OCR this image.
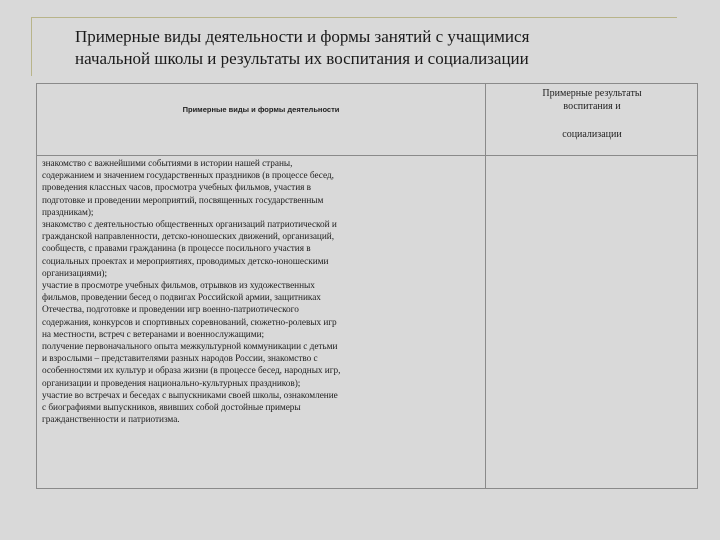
Примерные виды деятельности и формы занятий с учащимися
начальной школы и результаты их воспитания и социализации
Примерные виды и формы деятельности
Примерные результаты
воспитания и
социализации
знакомство с важнейшими событиями в истории нашей страны,
содержанием и значением государственных праздников (в процессе бесед,
проведения классных часов, просмотра учебных фильмов, участия в
подготовке и проведении мероприятий, посвященных государственным
праздникам);
знакомство с деятельностью общественных организаций патриотической и
гражданской направленности, детско-юношеских движений, организаций,
сообществ, с правами гражданина (в процессе посильного участия в
социальных проектах и мероприятиях, проводимых детско-юношескими
организациями);
участие в просмотре учебных фильмов, отрывков из художественных
фильмов, проведении бесед о подвигах Российской армии, защитниках
Отечества, подготовке и проведении игр военно-патриотического
содержания, конкурсов и спортивных соревнований, сюжетно-ролевых игр
на местности, встреч с ветеранами и военнослужащими;
получение первоначального опыта межкультурной коммуникации с детьми
и взрослыми – представителями разных народов России, знакомство с
особенностями их культур и образа жизни (в процессе бесед, народных игр,
организации и проведения национально-культурных праздников);
участие во встречах и беседах с выпускниками своей школы, ознакомление
с биографиями выпускников, явивших собой достойные примеры
гражданственности и патриотизма.
